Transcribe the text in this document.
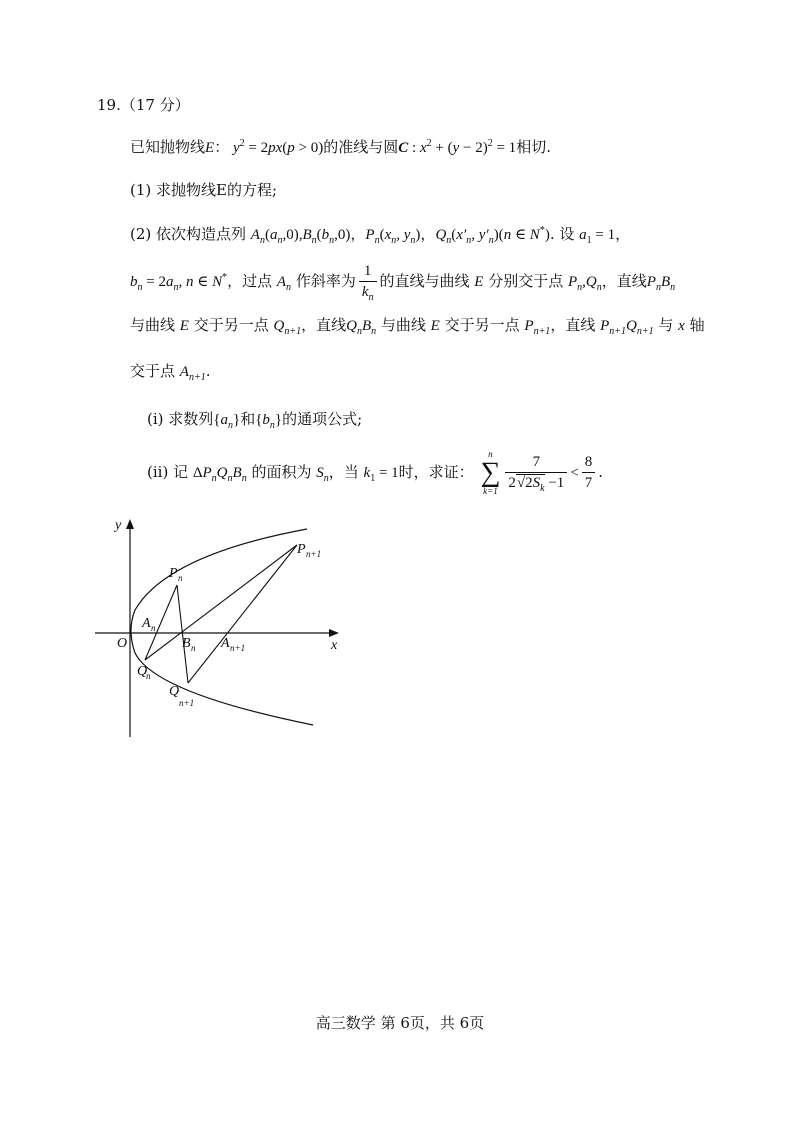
19.（17 分）
已知抛物线E： $y^2 = 2px(p > 0)$的准线与圆C : $x^2 + (y - 2)^2 = 1$相切.
(1) 求抛物线E的方程;
(2) 依次构造点列 $A_n(a_n,0),B_n(b_n,0)$，$P_n(x_n$, $y_n$)，$Q_n(x'_n$, $y'_n)(n$ ∈ N*). 设 $a_1 = 1$，
$b_n = 2a_n$, n ∈ N*，过点 $A_n$ 作斜率为 $\frac{1}{k_n}$ 的直线与曲线 E 分别交于点 $P_n,Q_n$，直线$P_nB_n$
与曲线 E 交于另一点 $Q_{n+1}$，直线$Q_nB_n$ 与曲线 E 交于另一点 $P_{n+1}$，直线 $P_{n+1}Q_{n+1}$ 与 x 轴
交于点 $A_{n+1}$.
(i) 求数列$\{a_n\}$和$\{b_n\}$的通项公式;
(ii) 记 $\Delta P_nQ_nB_n$ 的面积为 $S_n$，当 $k_1 = 1$时，求证：
n
∑
$k=1 \frac{7}{2√2S_k -1} < \frac{8}{7}$ .
y
x
O
P n
P n+1
A n
B n A n+1
Q
n
Q
n+1
高三数学 第 6页，共 6页
